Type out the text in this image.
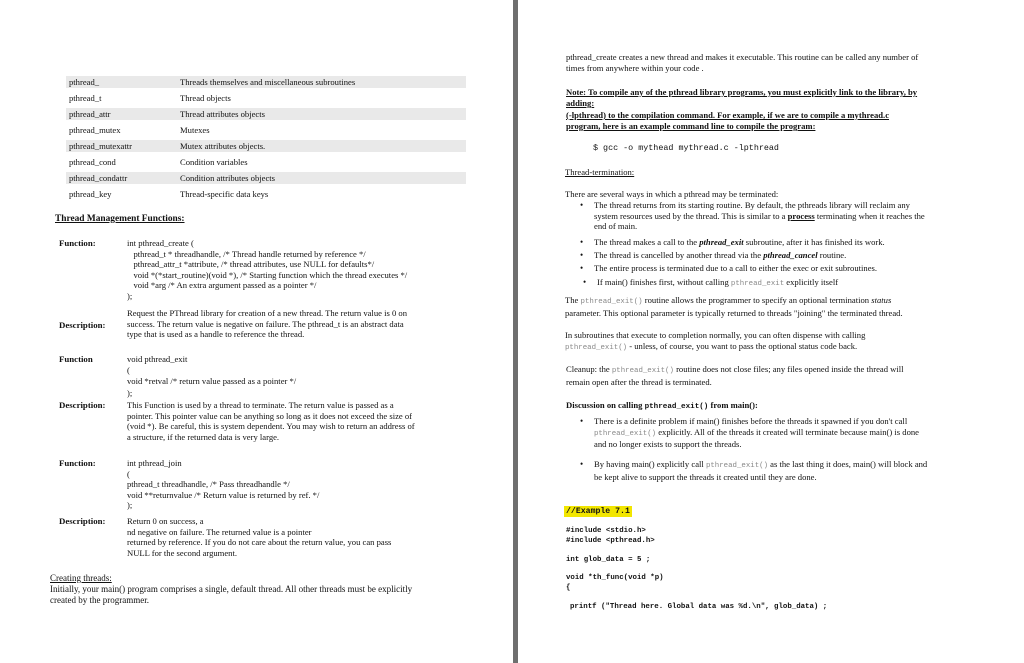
pthread_	Threads themselves and miscellaneous subroutines
pthread_t	Thread objects
pthread_attr	Thread attributes objects
pthread_mutex	Mutexes
pthread_mutexattr	Mutex attributes objects.
pthread_cond	Condition variables
pthread_condattr	Condition attributes objects
pthread_key	Thread-specific data keys
Thread Management Functions:
Function:	int pthread_create (
pthread_t * threadhandle, /* Thread handle returned by reference */
pthread_attr_t *attribute, /* thread attributes, use NULL for defaults*/
void *(*start_routine)(void *), /* Starting function which the thread executes */
void *arg /* An extra argument passed as a pointer */
);
Description:
Request the PThread library for creation of a new thread. The return value is 0 on
success. The return value is negative on failure. The pthread_t is an abstract data
type that is used as a handle to reference the thread.
Function	void pthread_exit
(
void *retval /* return value passed as a pointer */
);
Description:	This Function is used by a thread to terminate. The return value is passed as a
pointer. This pointer value can be anything so long as it does not exceed the size of
(void *). Be careful, this is system dependent. You may wish to return an address of
a structure, if the returned data is very large.
Function:	int pthread_join
(
pthread_t threadhandle, /* Pass threadhandle */
void **returnvalue /* Return value is returned by ref. */
);
Description:	Return 0 on success, a
nd negative on failure. The returned value is a pointer
returned by reference. If you do not care about the return value, you can pass
NULL for the second argument.
Creating threads:
Initially, your main() program comprises a single, default thread. All other threads must be explicitly
created by the programmer.
pthread_create creates a new thread and makes it executable. This routine can be called any number of
times from anywhere within your code .
Note: To compile any of the pthread library programs, you must explicitly link to the library, by
adding:
(-lpthread) to the compilation command. For example, if we are to compile a mythread.c
program, here is an example command line to compile the program:
$ gcc -o mythead mythread.c -lpthread
Thread-termination:
There are several ways in which a pthread may be terminated:
• The thread returns from its starting routine. By default, the pthreads library will reclaim any
system resources used by the thread. This is similar to a process terminating when it reaches the
end of main.
• The thread makes a call to the pthread_exit subroutine, after it has finished its work.
• The thread is cancelled by another thread via the pthread_cancel routine.
• The entire process is terminated due to a call to either the exec or exit subroutines.
• If main() finishes first, without calling pthread_exit explicitly itself
The pthread_exit() routine allows the programmer to specify an optional termination status
parameter. This optional parameter is typically returned to threads "joining" the terminated thread.
In subroutines that execute to completion normally, you can often dispense with calling
pthread_exit() - unless, of course, you want to pass the optional status code back.
Cleanup: the pthread_exit() routine does not close files; any files opened inside the thread will
remain open after the thread is terminated.
Discussion on calling pthread_exit() from main():
• There is a definite problem if main() finishes before the threads it spawned if you don't call
pthread_exit() explicitly. All of the threads it created will terminate because main() is done
and no longer exists to support the threads.
• By having main() explicitly call pthread_exit() as the last thing it does, main() will block and
be kept alive to support the threads it created until they are done.
//Example 7.1
#include <stdio.h>
#include <pthread.h>
int glob_data = 5 ;
void *th_func(void *p)
{
printf ("Thread here. Global data was %d.\n", glob_data) ;
